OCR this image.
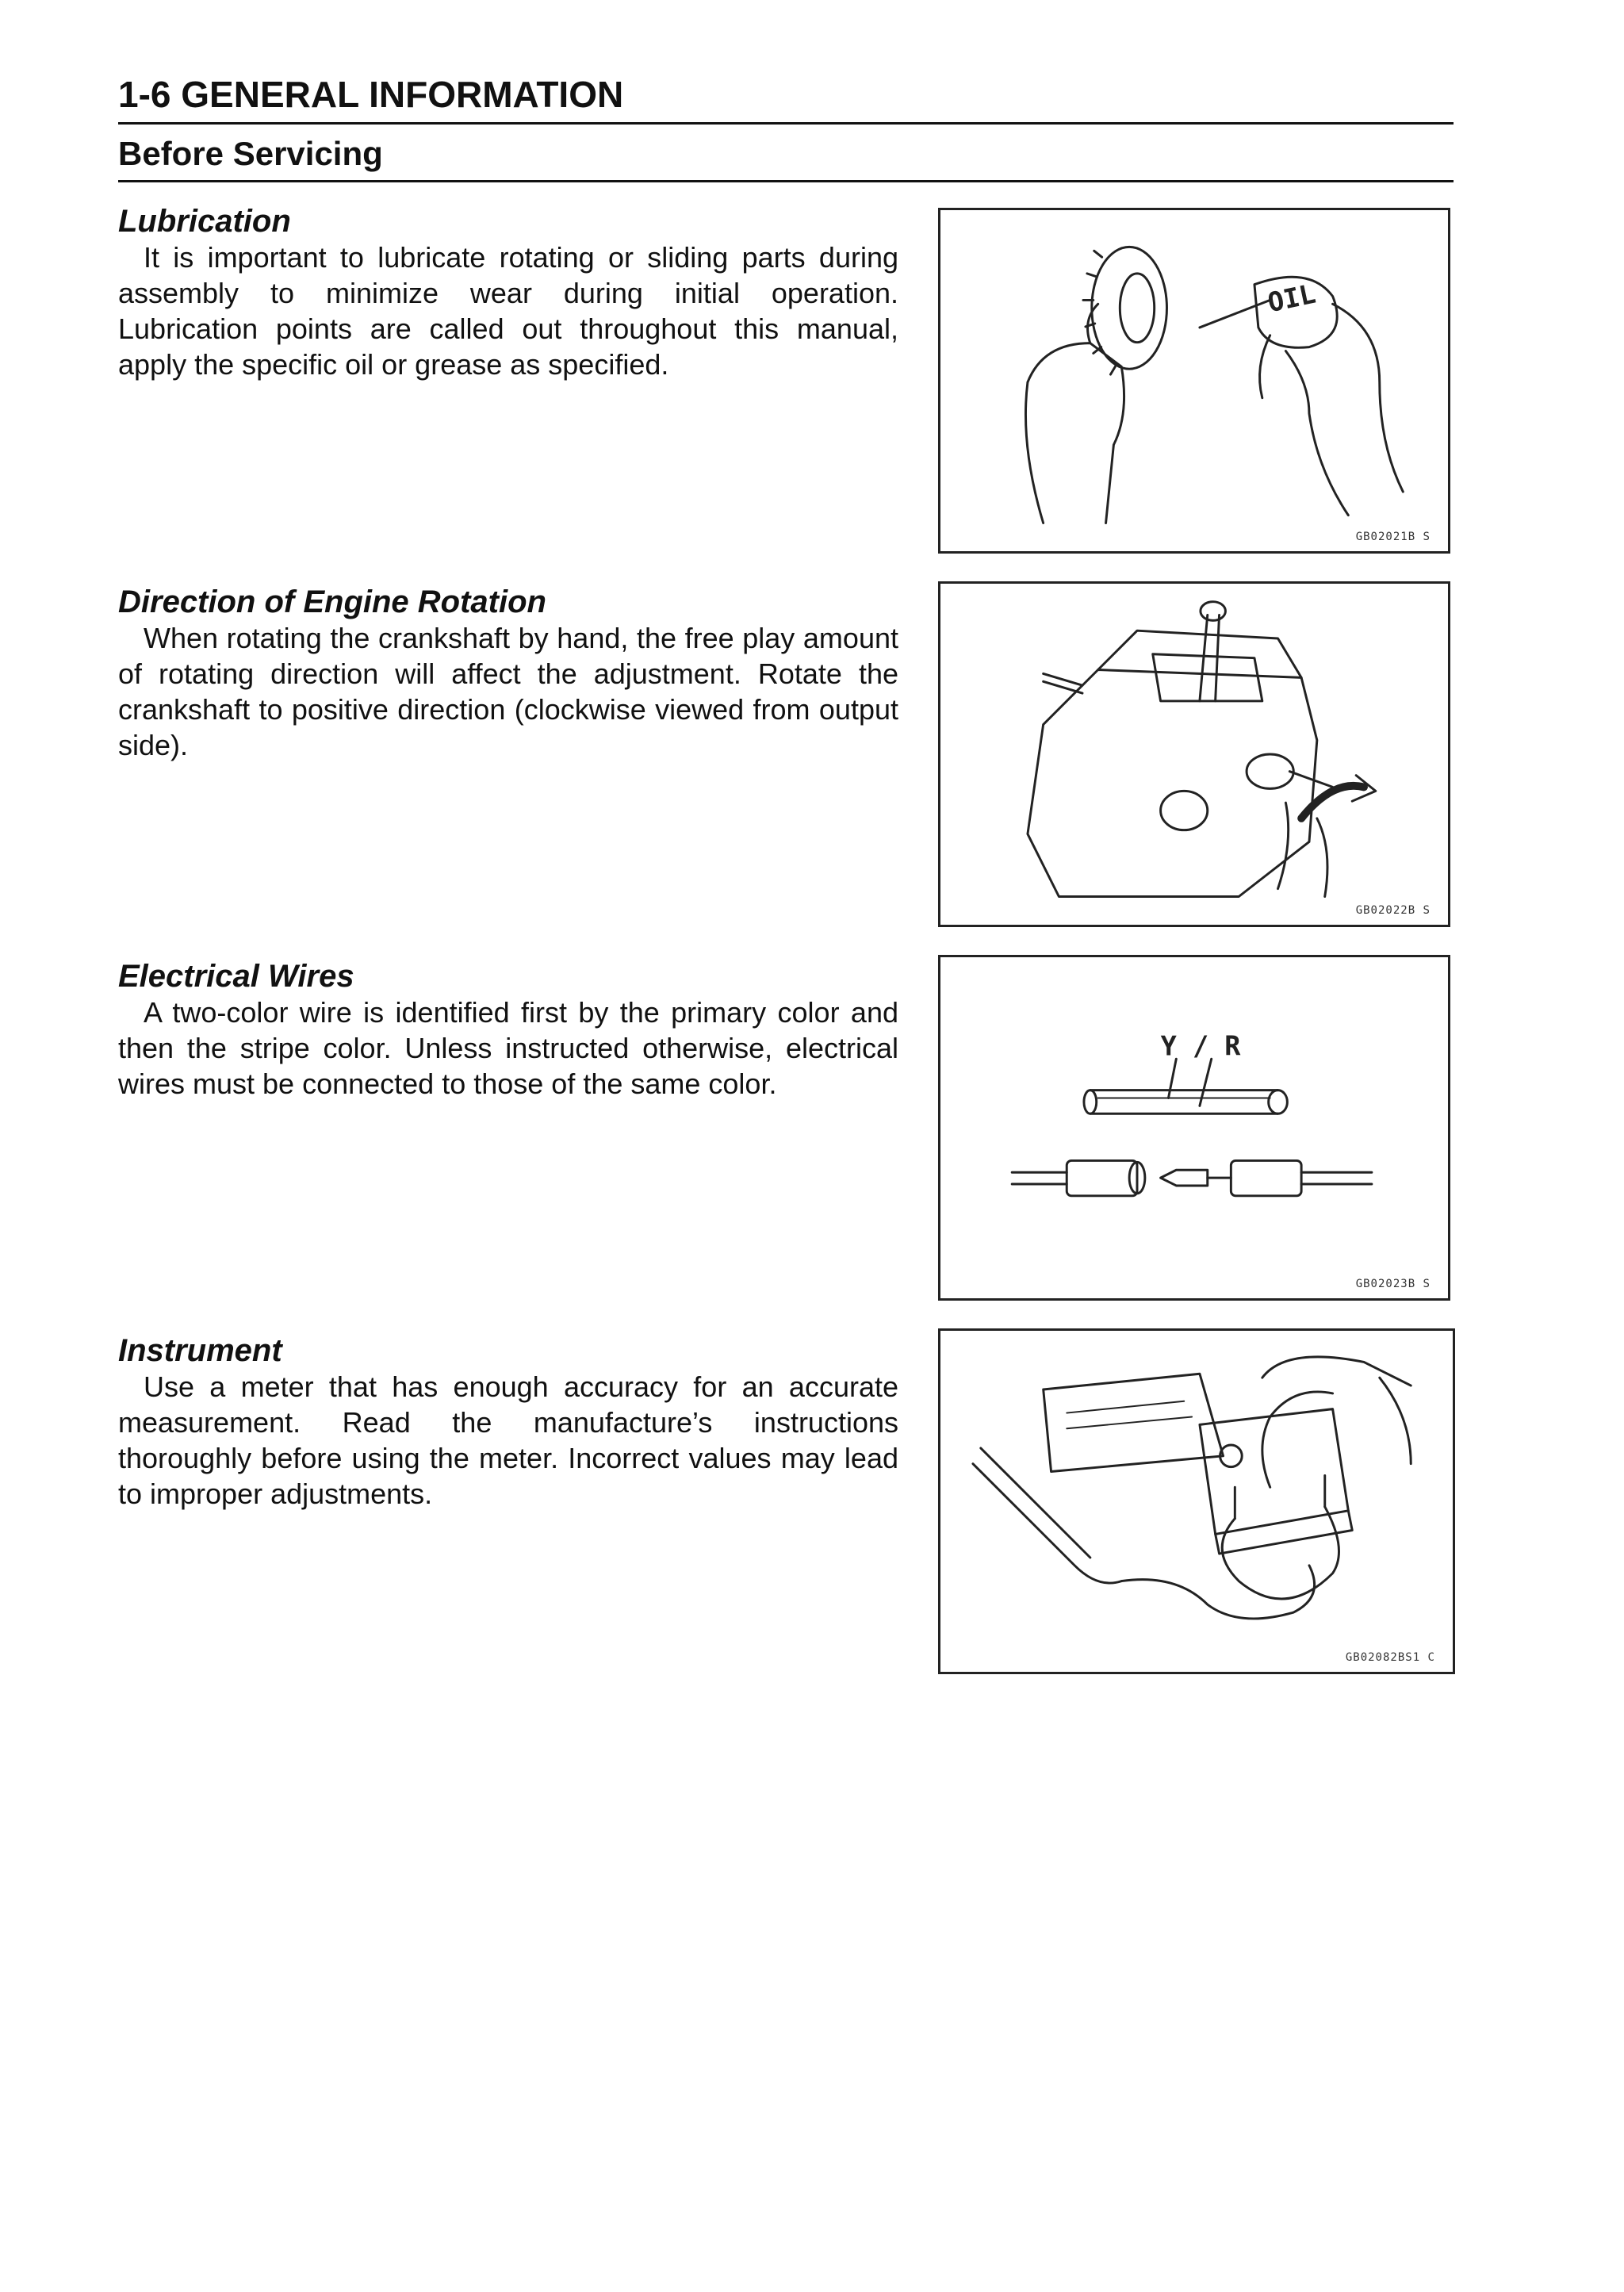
1-6 GENERAL INFORMATION
Before Servicing
Lubrication

It is important to lubricate rotating or sliding parts during assembly to minimize wear during initial operation. Lubrication points are called out throughout this manual, apply the specific oil or grease as specified.

OIL
GB02021B S
Direction of Engine Rotation

When rotating the crankshaft by hand, the free play amount of rotating direction will affect the adjustment. Rotate the crankshaft to positive direction (clockwise viewed from output side).

GB02022B S
Electrical Wires

A two-color wire is identified first by the primary color and then the stripe color. Unless instructed otherwise, electrical wires must be connected to those of the same color.

Y / R
GB02023B S
Instrument

Use a meter that has enough accuracy for an accurate measurement. Read the manufacture’s instructions thoroughly before using the meter. Incorrect values may lead to improper adjustments.

GB02082BS1 C
